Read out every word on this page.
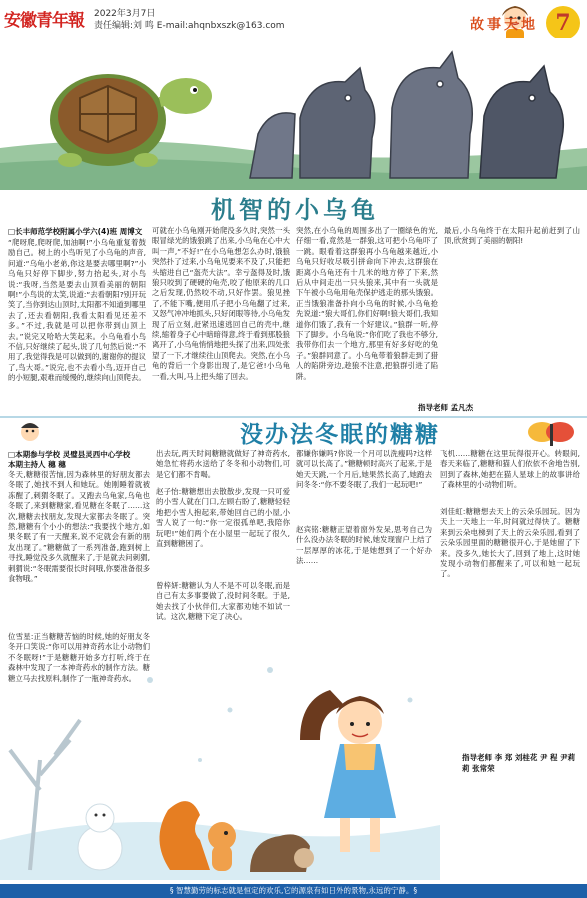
安徽青年報 2022年3月7日
责任编辑:刘 鸣 E-mail:ahqnbxszk@163.com	故事天地 7
机智的小乌龟
□长丰师范学校附属小学六(4)班 周博文
“爬呀爬,爬呀爬,加油啊!”小乌龟重复着鼓励自己。树上的小鸟听见了小乌龟的声音,问道:“乌龟小老弟,你这是要去哪里啊?”小乌龟只好停下脚步,努力抬起头,对小鸟说:“我呀,当然是要去山顶看美丽的朝阳啊!”小鸟说的太笑,说道:“去看朝阳?别开玩笑了,当你到达山顶时,太阳都不知道到哪里去了,还去看朝阳,我看太阳看见还差不多。”不过,我就是可以把你带到山顶上去。”说完又哈哈大笑起来。小乌龟看小鸟不信,只好继续了起头,说了几句然后说:“不用了,我觉得我是可以做到的,谢谢你的提议了,鸟大哥。”说完,也不去看小鸟,迈开自己的小短腿,艰难而缓慢的,继续向山顶爬去。
可就在小乌龟刚开始爬没多久时,突然一头眼冒绿光的饿狼跳了出来,小乌龟在心中大叫一声,“不好!”在小乌龟想怎么办时,饿狼突然扑了过来,小乌龟见要来不及了,只能把头缩进自己“盔壳大法”。幸亏盔得及时,饿狼只咬到了硬硬的龟壳,咬了他原来的几口之后发现,仍然咬不动,只好作罢。狼见挫了,不能下嘴,便用爪子把小乌龟翻了过来,又怒气冲冲地抓头,只好闭眼等待,小乌龟发现了后立刻,赶紧迅速逃回自己的壳中,继续,缩着身子心中暗暗得意,终于看到那股狼离开了,小乌龟悄悄地把头探了出来,四处张望了一下,才继续往山顶爬去。突然,在小乌龟的背后一个身影出现了,是它爸!小乌龟一看,大叫,马上把头缩了回去。
突然,在小乌龟的周围多出了一圈绿色的光,仔细一看,竟然是一群狼,这可把小乌龟吓了一跳。眼看着这群狼再小乌龟越来越近,小乌龟只好收尽吸引拼命向下冲去,这群狼在距离小乌龟还有十几米的地方停了下来,然后从中间走出一只头狼来,其中有一头就是下午被小乌龟用龟壳保护逃走的那头饿狼。正当饿狼准备扑向小乌龟的时候,小乌龟抢先说道:“狼大哥们,你们好啊!狼大哥们,我知道你们饿了,我有一个好建议。”狼群一听,停下了脚步。小乌龟说:“你们吃了我也不够分,我带你们去一个地方,那里有好多好吃的兔子。”狼群同意了。小乌龟带着狼群走到了猎人的陷阱旁边,趁狼不注意,把狼群引进了陷阱。
最后,小乌龟终于在太阳升起前赶到了山顶,欣赏到了美丽的朝阳!
指导老师 孟凡杰
没办法冬眠的糖糖
□本期参与学校 灵璧县灵西中心学校
本期主持人 穗 穗
冬天,糖糖很苦恼,因为森林里的好朋友都去冬眠了,她找不到人和她玩。她刚睡着就被冻醒了,刺猬冬眠了。又跑去乌龟家,乌龟也冬眠了,来到糖糖家,看见糖在冬眠了……这次,糖糖去找朋友,发现大家都去冬眠了。突然,糖糖有个小小的想法:“我要找个地方,如果冬眠了有一天醒来,说不定就会有新的朋友出现了。”糖糖做了一系列准备,跑到树上寻找,睡觉没多久就醒来了,于是就去问刺猬,刺猬说:“冬眠需要很长时间哦,你要准备很多食物哦。”
位雪星:正当糖糖苦恼的时候,她的好朋友冬冬开口笑说:“你可以用神奇药水让小动物们不冬眠呀!”于是糖糖开始多方打听,终于在森林中发现了一本神奇药水的制作方法。糖糖立马去找原料,制作了一瓶神奇药水。
出去玩,两天时间糖糖就做好了神奇药水,她急忙将药水送给了冬冬和小动物们,可是它们都不肯喝。
赵子怡:糖糖想出去散散步,发现一只可爱的小雪人就在门口,左顾右盼了,糖糖轻轻地把小雪人抱起来,带她回自己的小屋,小雪人说了一句:“你一定很孤单吧,我陪你玩吧!”她们两个在小屋里一起玩了很久,直到糖糖困了。
曾梓妍:糖糖认为人不是不可以冬眠,而是自己有太多事要做了,没时间冬眠。于是,她去找了小伙伴们,大家都劝她不如试一试。这次,糖糖下定了决心。
都嫌你嫌吗?你说一个月可以洗瘦吗?这样就可以长高了。”糖糖顿时高兴了起来,于是她天天跳,一个月后,她果然长高了,她跑去问冬冬:“你不要冬眠了,我们一起玩吧!”
赵宾铭:糖糖正望着窗外发呆,思考自己为什么没办法冬眠的时候,她发现窗户上结了一层厚厚的冰花,于是她想到了一个好办法……
飞机……糖糖在这里玩得很开心。转眼间,春天来临了,糖糖和猫人们依依不舍地告别,回到了森林,她把在猫人星球上的故事讲给了森林里的小动物们听。
刘佳虹:糖糖想去天上的云朵乐园玩。因为天上一天地上一年,时间就过得快了。糖糖来到云朵电梯到了天上的云朵乐园,看到了云朵乐园里面的糖糖很开心,于是她留了下来。没多久,她长大了,回到了地上,这时她发现小动物们都醒来了,可以和她一起玩了。
指导老师 李 郑 刘桂花 尹 程 尹莉莉 张常荣
§ 智慧勤劳的标志就是恒定的欢乐,它的源泉有如日外的景物,永远的宁静。§
